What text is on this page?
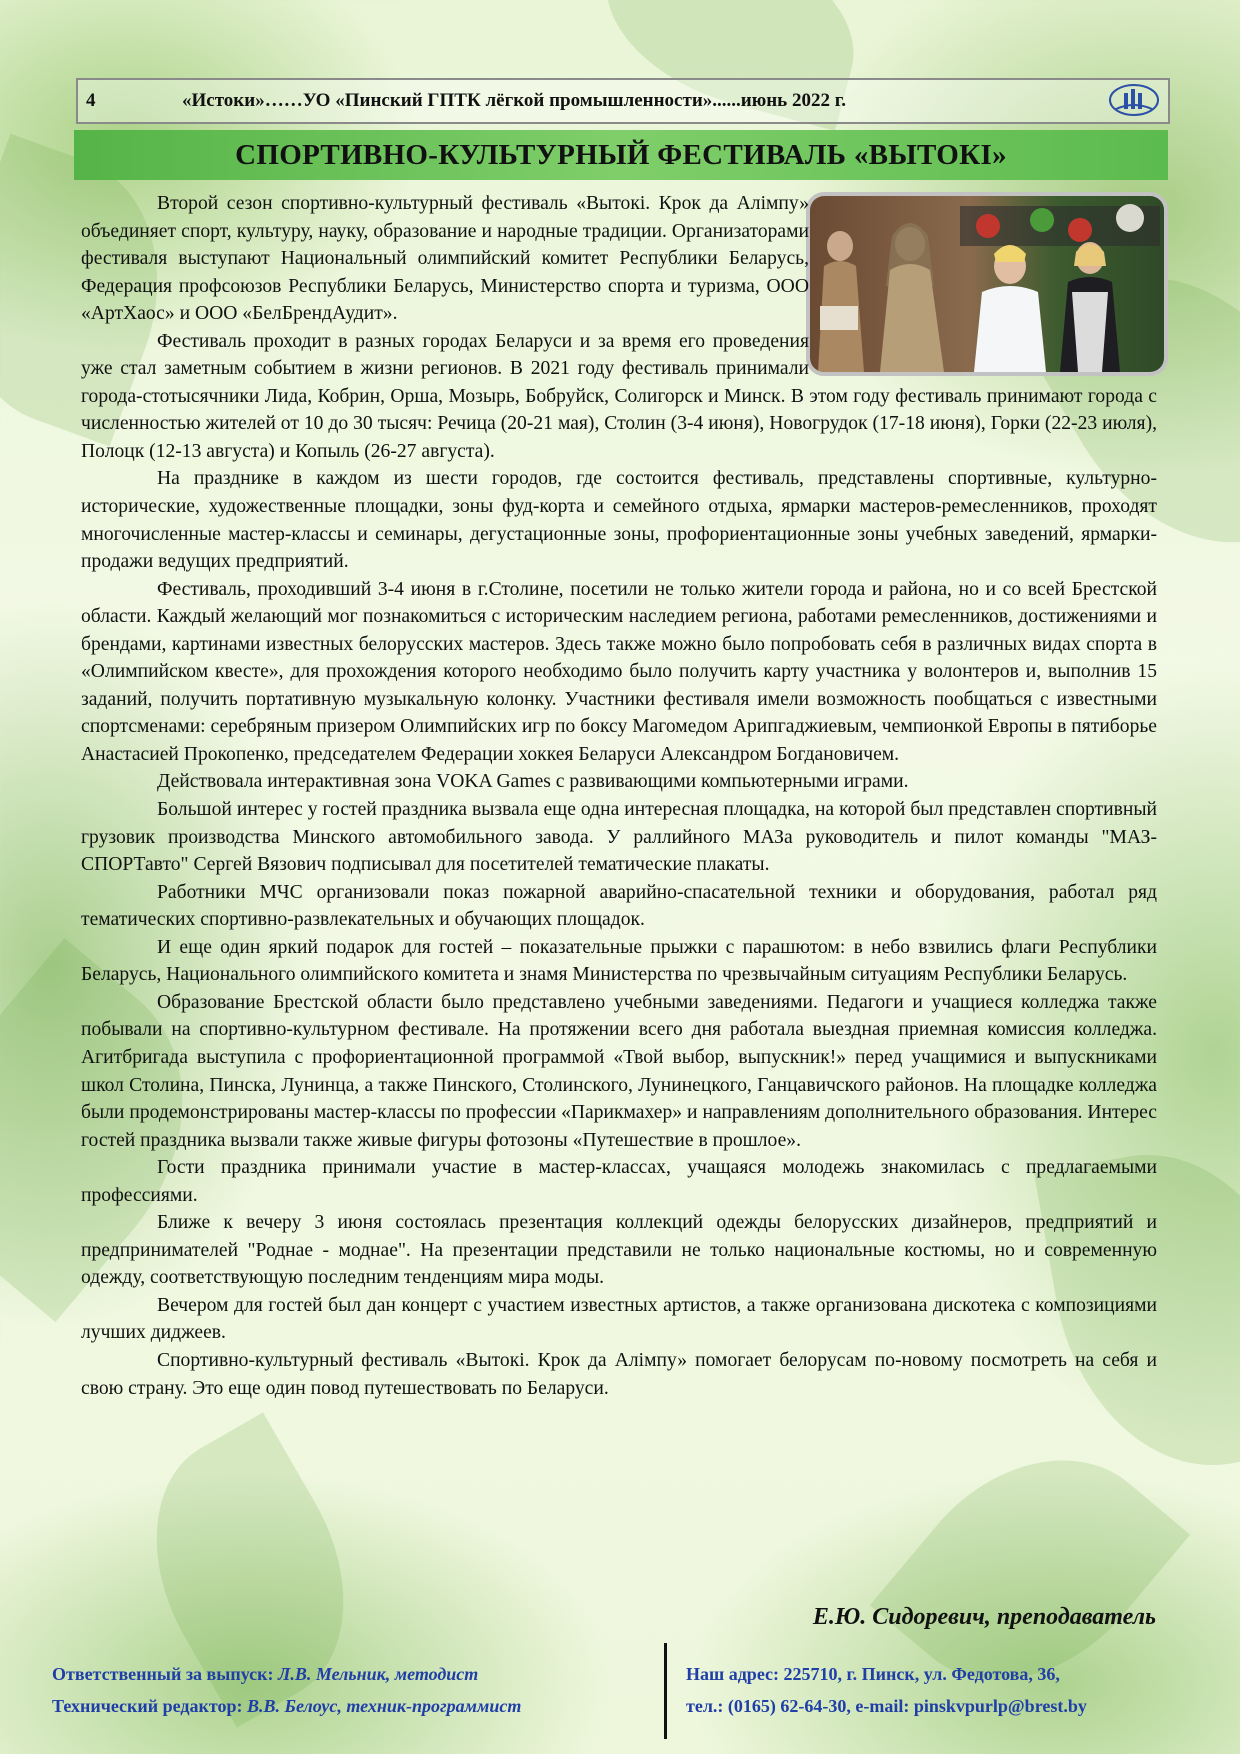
4	«Истоки»……УО «Пинский ГПТК лёгкой промышленности»......июнь 2022 г.
СПОРТИВНО-КУЛЬТУРНЫЙ ФЕСТИВАЛЬ «ВЫТОКІ»

Второй сезон спортивно-культурный фестиваль «Вытокі. Крок да Алімпу» объединяет спорт, культуру, науку, образование и народные традиции. Организаторами фестиваля выступают Национальный олимпийский комитет Республики Беларусь, Федерация профсоюзов Республики Беларусь, Министерство спорта и туризма, ООО «АртХаос» и ООО «БелБрендАудит».

Фестиваль проходит в разных городах Беларуси и за время его проведения уже стал заметным событием в жизни регионов. В 2021 году фестиваль принимали города-стотысячники Лида, Кобрин, Орша, Мозырь, Бобруйск, Солигорск и Минск. В этом году фестиваль принимают города с численностью жителей от 10 до 30 тысяч: Речица (20-21 мая), Столин (3-4 июня), Новогрудок (17-18 июня), Горки (22-23 июля), Полоцк (12-13 августа) и Копыль (26-27 августа).

На празднике в каждом из шести городов, где состоится фестиваль, представлены спортивные, культурно-исторические, художественные площадки, зоны фуд-корта и семейного отдыха, ярмарки мастеров-ремесленников, проходят многочисленные мастер-классы и семинары, дегустационные зоны, профориентационные зоны учебных заведений, ярмарки-продажи ведущих предприятий.

Фестиваль, проходивший 3-4 июня в г.Столине, посетили не только жители города и района, но и со всей Брестской области. Каждый желающий мог познакомиться с историческим наследием региона, работами ремесленников, достижениями и брендами, картинами известных белорусских мастеров. Здесь также можно было попробовать себя в различных видах спорта в «Олимпийском квесте», для прохождения которого необходимо было получить карту участника у волонтеров и, выполнив 15 заданий, получить портативную музыкальную колонку. Участники фестиваля имели возможность пообщаться с известными спортсменами: серебряным призером Олимпийских игр по боксу Магомедом Арипгаджиевым, чемпионкой Европы в пятиборье Анастасией Прокопенко, председателем Федерации хоккея Беларуси Александром Богдановичем.

Действовала интерактивная зона VOKA Games с развивающими компьютерными играми.

Большой интерес у гостей праздника вызвала еще одна интересная площадка, на которой был представлен спортивный грузовик производства Минского автомобильного завода. У раллийного МАЗа руководитель и пилот команды "МАЗ-СПОРТавто" Сергей Вязович подписывал для посетителей тематические плакаты.

Работники МЧС организовали показ пожарной аварийно-спасательной техники и оборудования, работал ряд тематических спортивно-развлекательных и обучающих площадок.

И еще один яркий подарок для гостей – показательные прыжки с парашютом: в небо взвились флаги Республики Беларусь, Национального олимпийского комитета и знамя Министерства по чрезвычайным ситуациям Республики Беларусь.

Образование Брестской области было представлено учебными заведениями. Педагоги и учащиеся колледжа также побывали на спортивно-культурном фестивале. На протяжении всего дня работала выездная приемная комиссия колледжа. Агитбригада выступила с профориентационной программой «Твой выбор, выпускник!» перед учащимися и выпускниками школ Столина, Пинска, Лунинца, а также Пинского, Столинского, Лунинецкого, Ганцавичского районов. На площадке колледжа были продемонстрированы мастер-классы по профессии «Парикмахер» и направлениям дополнительного образования. Интерес гостей праздника вызвали также живые фигуры фотозоны «Путешествие в прошлое».

Гости праздника принимали участие в мастер-классах, учащаяся молодежь знакомилась с предлагаемыми профессиями.

Ближе к вечеру 3 июня состоялась презентация коллекций одежды белорусских дизайнеров, предприятий и предпринимателей "Роднае - моднае". На презентации представили не только национальные костюмы, но и современную одежду, соответствующую последним тенденциям мира моды.

Вечером для гостей был дан концерт с участием известных артистов, а также организована дискотека с композициями лучших диджеев.

Спортивно-культурный фестиваль «Вытокі. Крок да Алімпу» помогает белорусам по-новому посмотреть на себя и свою страну. Это еще один повод путешествовать по Беларуси.

Е.Ю. Сидоревич, преподаватель
Ответственный за выпуск: Л.В. Мельник, методист
Технический редактор: В.В. Белоус, техник-программист
Наш адрес: 225710, г. Пинск, ул. Федотова, 36,
тел.: (0165) 62-64-30, e-mail: pinskvpurlp@brest.by
